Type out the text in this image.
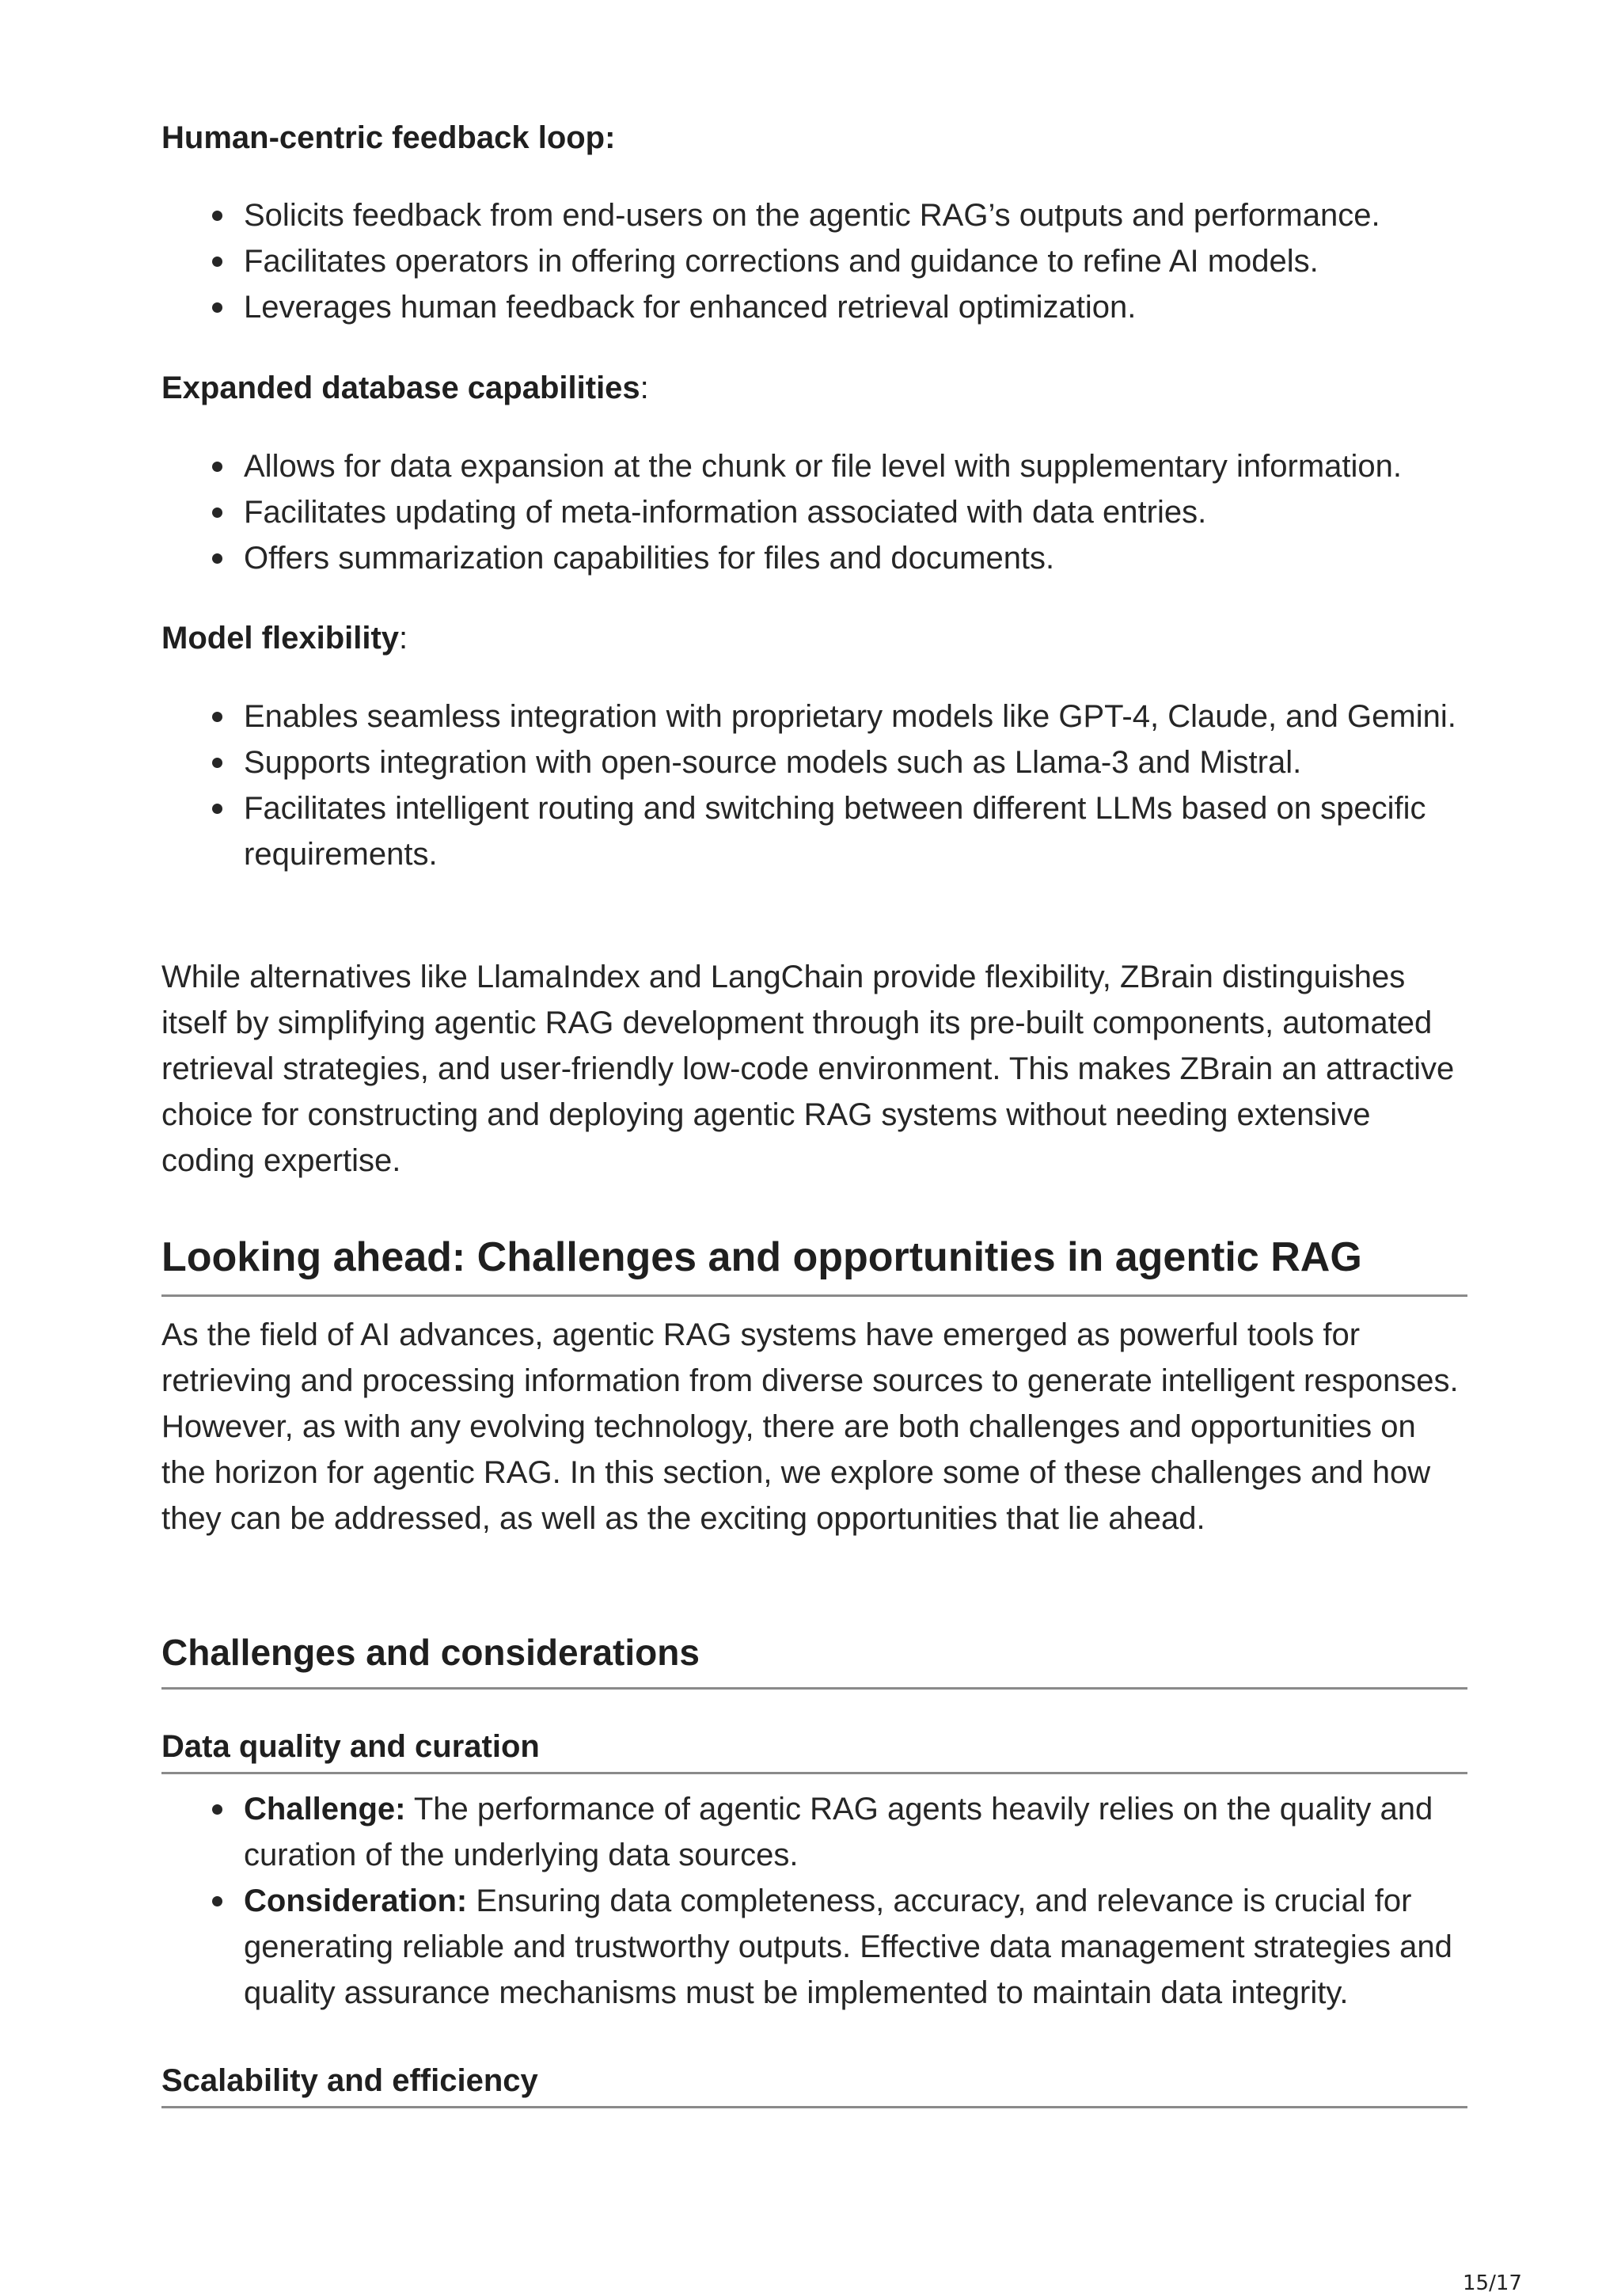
Human-centric feedback loop:

Solicits feedback from end-users on the agentic RAG’s outputs and performance.
Facilitates operators in offering corrections and guidance to refine AI models.
Leverages human feedback for enhanced retrieval optimization.

Expanded database capabilities:

Allows for data expansion at the chunk or file level with supplementary information.
Facilitates updating of meta-information associated with data entries.
Offers summarization capabilities for files and documents.

Model flexibility:

Enables seamless integration with proprietary models like GPT-4, Claude, and Gemini.
Supports integration with open-source models such as Llama-3 and Mistral.
Facilitates intelligent routing and switching between different LLMs based on specific requirements.

While alternatives like LlamaIndex and LangChain provide flexibility, ZBrain distinguishes itself by simplifying agentic RAG development through its pre-built components, automated retrieval strategies, and user-friendly low-code environment. This makes ZBrain an attractive choice for constructing and deploying agentic RAG systems without needing extensive coding expertise.

Looking ahead: Challenges and opportunities in agentic RAG

As the field of AI advances, agentic RAG systems have emerged as powerful tools for retrieving and processing information from diverse sources to generate intelligent responses. However, as with any evolving technology, there are both challenges and opportunities on the horizon for agentic RAG. In this section, we explore some of these challenges and how they can be addressed, as well as the exciting opportunities that lie ahead.

Challenges and considerations
Data quality and curation
Challenge: The performance of agentic RAG agents heavily relies on the quality and curation of the underlying data sources.
Consideration: Ensuring data completeness, accuracy, and relevance is crucial for generating reliable and trustworthy outputs. Effective data management strategies and quality assurance mechanisms must be implemented to maintain data integrity.
Scalability and efficiency
15/17
